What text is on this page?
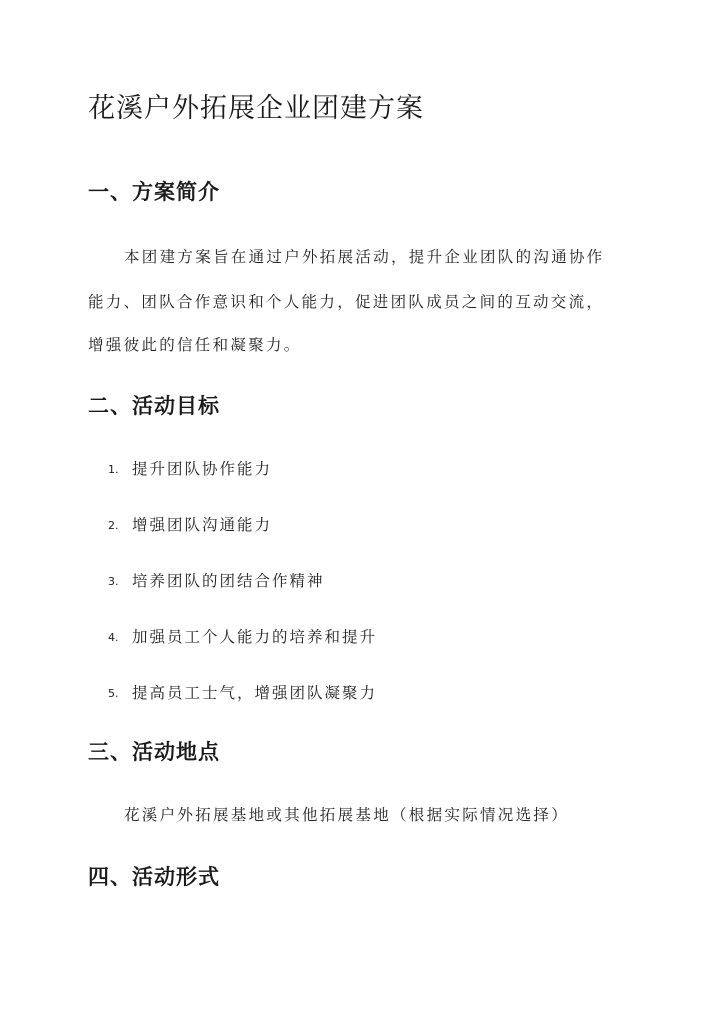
花溪户外拓展企业团建方案
一、方案简介

本团建方案旨在通过户外拓展活动，提升企业团队的沟通协作

能力、团队合作意识和个人能力，促进团队成员之间的互动交流，

增强彼此的信任和凝聚力。

二、活动目标
1. 提升团队协作能力
2. 增强团队沟通能力
3. 培养团队的团结合作精神
4. 加强员工个人能力的培养和提升
5. 提高员工士气，增强团队凝聚力
三、活动地点

花溪户外拓展基地或其他拓展基地（根据实际情况选择）

四、活动形式
